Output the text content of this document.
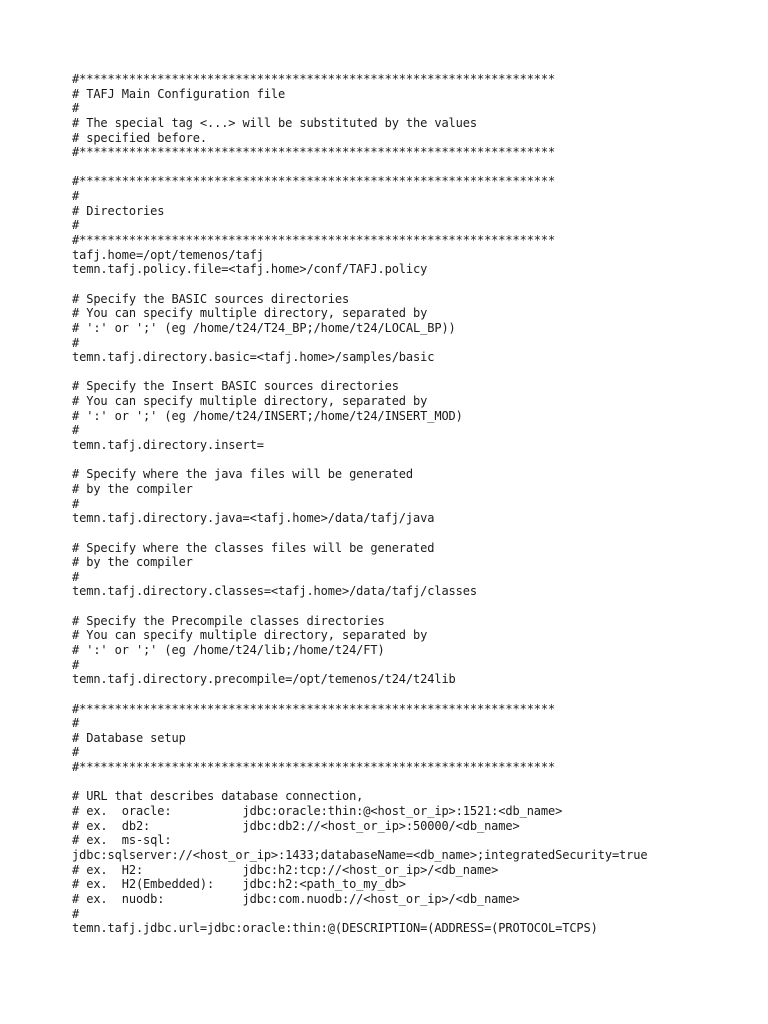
#*******************************************************************
# TAFJ Main Configuration file
#
# The special tag <...> will be substituted by the values
# specified before.
#*******************************************************************
#*******************************************************************
#
# Directories
#
#*******************************************************************
tafj.home=/opt/temenos/tafj
temn.tafj.policy.file=<tafj.home>/conf/TAFJ.policy
# Specify the BASIC sources directories
# You can specify multiple directory, separated by
# ':' or ';' (eg /home/t24/T24_BP;/home/t24/LOCAL_BP))
#
temn.tafj.directory.basic=<tafj.home>/samples/basic
# Specify the Insert BASIC sources directories
# You can specify multiple directory, separated by
# ':' or ';' (eg /home/t24/INSERT;/home/t24/INSERT_MOD)
#
temn.tafj.directory.insert=
# Specify where the java files will be generated
# by the compiler
#
temn.tafj.directory.java=<tafj.home>/data/tafj/java
# Specify where the classes files will be generated
# by the compiler
#
temn.tafj.directory.classes=<tafj.home>/data/tafj/classes
# Specify the Precompile classes directories
# You can specify multiple directory, separated by
# ':' or ';' (eg /home/t24/lib;/home/t24/FT)
#
temn.tafj.directory.precompile=/opt/temenos/t24/t24lib
#*******************************************************************
#
# Database setup
#
#*******************************************************************
# URL that describes database connection,
# ex.  oracle:          jdbc:oracle:thin:@<host_or_ip>:1521:<db_name>
# ex.  db2:             jdbc:db2://<host_or_ip>:50000/<db_name>
# ex.  ms-sql:
jdbc:sqlserver://<host_or_ip>:1433;databaseName=<db_name>;integratedSecurity=true
# ex.  H2:              jdbc:h2:tcp://<host_or_ip>/<db_name>
# ex.  H2(Embedded):    jdbc:h2:<path_to_my_db>
# ex.  nuodb:           jdbc:com.nuodb://<host_or_ip>/<db_name>
#
temn.tafj.jdbc.url=jdbc:oracle:thin:@(DESCRIPTION=(ADDRESS=(PROTOCOL=TCPS)
